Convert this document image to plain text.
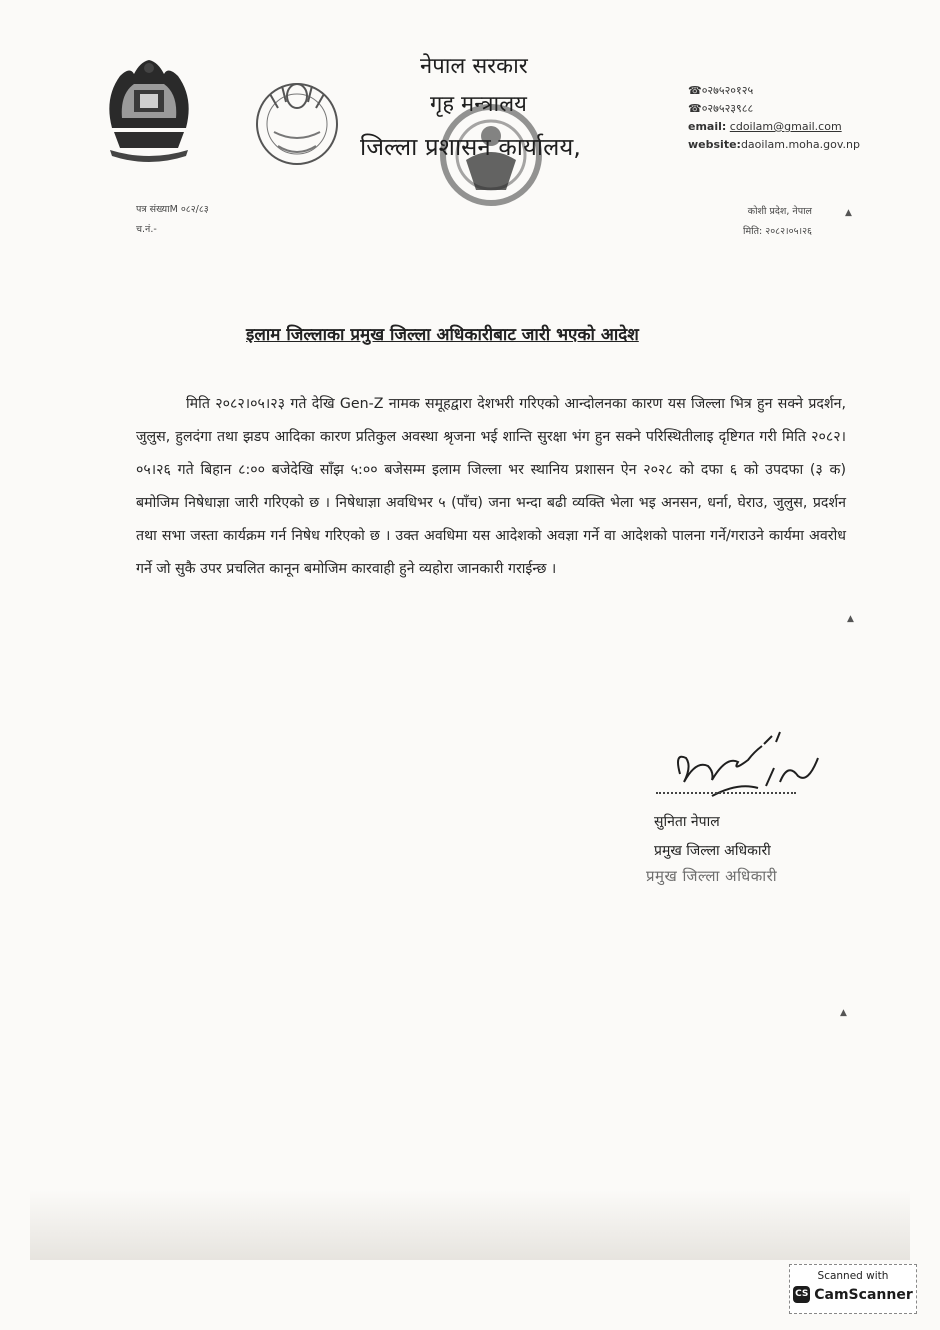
नेपाल सरकार
गृह मन्त्रालय
जिल्ला प्रशासन कार्यालय,
☎०२७५२०१२५
☎०२७५२३९८८
email: cdoilam@gmail.com
website:daoilam.moha.gov.np
पत्र संख्याM ०८२/८३
च.नं.-
कोशी प्रदेश, नेपाल
मिति: २०८२।०५।२६
इलाम जिल्लाका प्रमुख जिल्ला अधिकारीबाट जारी भएको आदेश
मिति २०८२।०५।२३ गते देखि Gen-Z नामक समूहद्वारा देशभरी गरिएको आन्दोलनका कारण यस जिल्ला भित्र हुन सक्ने प्रदर्शन, जुलुस, हुलदंगा तथा झडप आदिका कारण प्रतिकुल अवस्था श्रृजना भई शान्ति सुरक्षा भंग हुन सक्ने परिस्थितीलाइ दृष्टिगत गरी मिति २०८२।०५।२६ गते बिहान ८:०० बजेदेखि साँझ ५:०० बजेसम्म इलाम जिल्ला भर स्थानिय प्रशासन ऐन २०२८ को दफा ६ को उपदफा (३ क) बमोजिम निषेधाज्ञा जारी गरिएको छ । निषेधाज्ञा अवधिभर ५ (पाँच) जना भन्दा बढी व्यक्ति भेला भइ अनसन, धर्ना, घेराउ, जुलुस, प्रदर्शन तथा सभा जस्ता कार्यक्रम गर्न निषेध गरिएको छ । उक्त अवधिमा यस आदेशको अवज्ञा गर्ने वा आदेशको पालना गर्ने/गराउने कार्यमा अवरोध गर्ने जो सुकै उपर प्रचलित कानून बमोजिम कारवाही हुने व्यहोरा जानकारी गराईन्छ ।
सुनिता नेपाल
प्रमुख जिल्ला अधिकारी
प्रमुख जिल्ला अधिकारी
▲
▲
▲
Scanned with
CS CamScanner
